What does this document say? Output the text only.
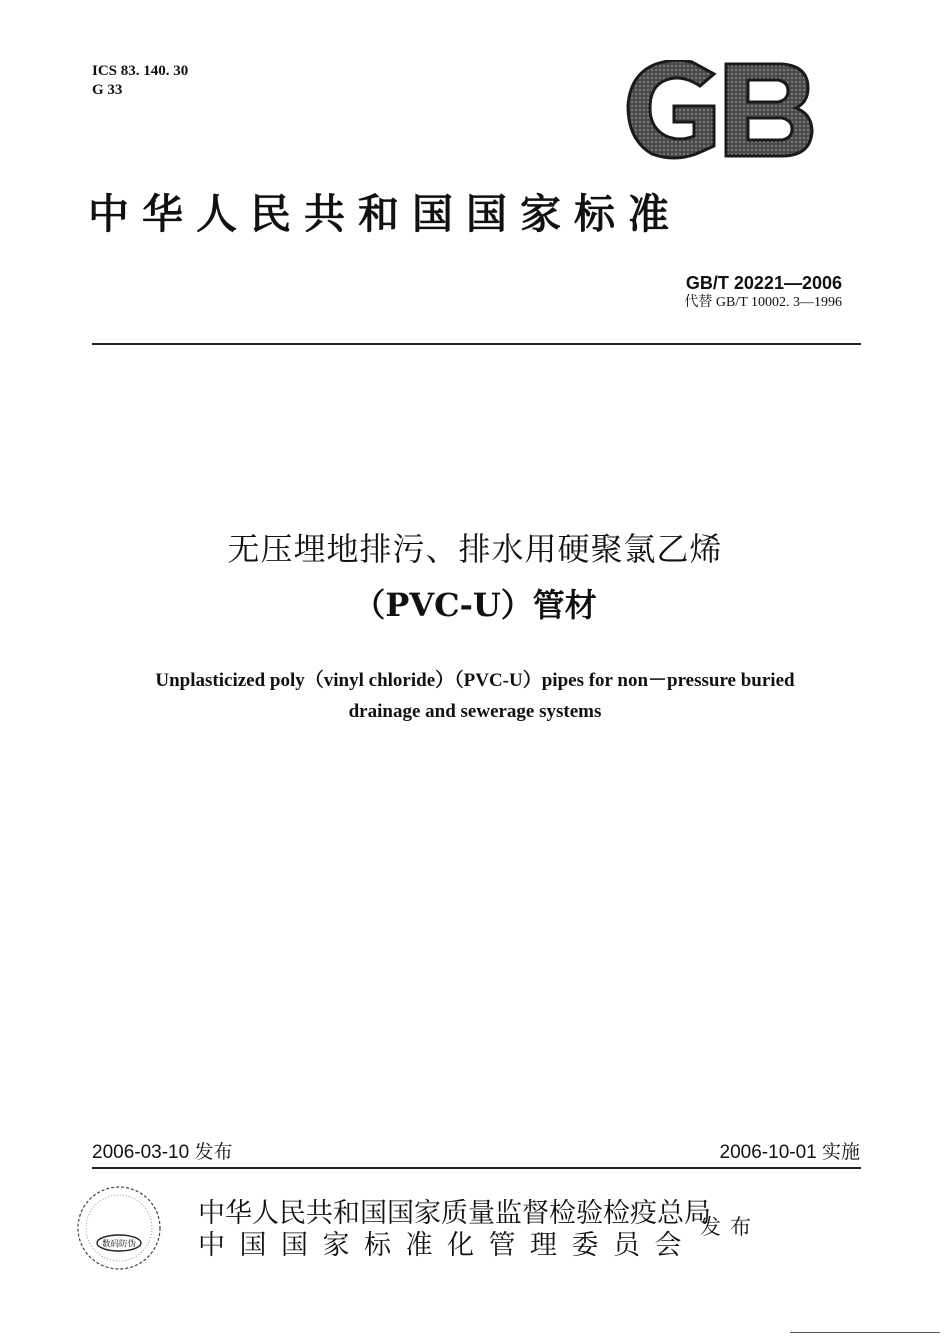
ICS 83. 140. 30
G 33
中华人民共和国国家标准
GB/T 20221—2006
代替 GB/T 10002. 3—1996
无压埋地排污、排水用硬聚氯乙烯
（PVC-U）管材
Unplasticized poly（vinyl chloride）（PVC-U）pipes for non－pressure buried
drainage and sewerage systems
2006-03-10 发布	2006-10-01 实施
数码防伪
中华人民共和国国家质量监督检验检疫总局
中国国家标准化管理委员会
发布
